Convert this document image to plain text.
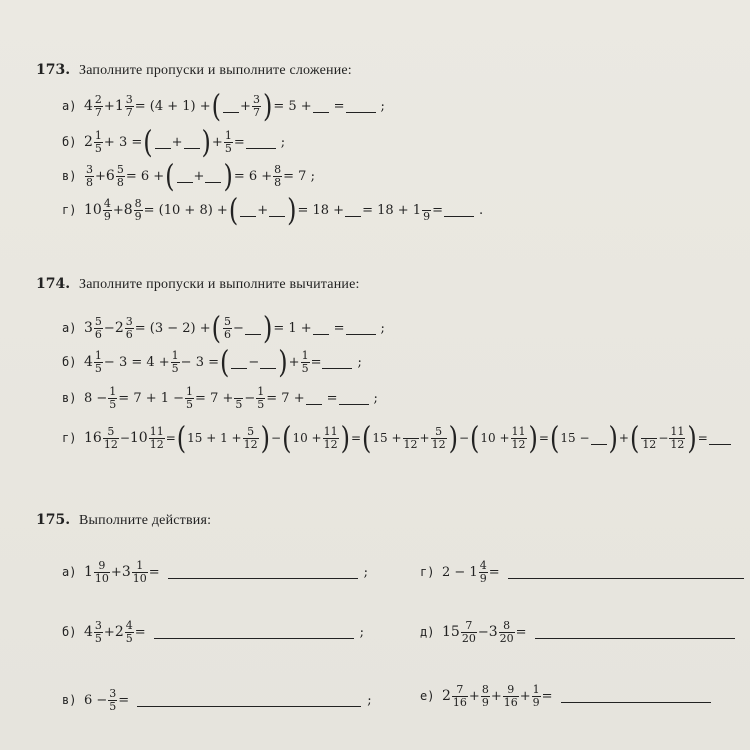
173. Заполните пропуски и выполните сложение:
а) 4 2
$7 + 1 \frac{3}{7} = (4 + 1)$ + ( + $\frac{3}{7}$ ) = 5 + =	;
б) 2 1
5 + 3 = ( + ) + $\frac{1}{5}$ =	;
в) 3
$8 + 6 \frac{5}{8} = 6$ + ( + ) = $6 + \frac{8}{8} = 7$ ;
г) 10 4
$9 + 8 \frac{8}{9} = (10 + 8)$ + ( + ) = 18 + = 18 + 1
9 =	.
174. Заполните пропуски и выполните вычитание:
а) 3 5
$6 - 2 \frac{3}{6} = (3 - 2)$ + ( 5
6 − ) = 1 + =	;
б) 4 1
$5 - 3 = 4 + \frac{1}{5} - 3$ = ( − ) + $\frac{1}{5}$ =	;
в) $8 - \frac{1}{5} = 7 + 1 - \frac{1}{5} = 7$ +
$5 - \frac{1}{5} = 7$ + =	;
г) 16 5
$12 - 10 \frac{11}{12}$ = ( $15 + 1 + \frac{5}{12}$ ) − ( $10 + \frac{11}{12}$ ) = ( 15 +
$12 + \frac{5}{12}$ ) − ( $10 + \frac{11}{12}$ ) = ( 15 − ) + (
$12 - \frac{11}{12}$ ) =
175. Выполните действия:
а) 1 9
$10 + 3 \frac{1}{10}$ =	;	г) $2 - 1 \frac{4}{9}$ =
б) 4 3
$5 + 2 \frac{4}{5}$ =	;	д) 15 7
$20 - 3 \frac{8}{20}$ =
в) $6 - \frac{3}{5}$ =	;	е) 2 7
$16 + \frac{8}{9} + \frac{9}{16} + \frac{1}{9}$ =
